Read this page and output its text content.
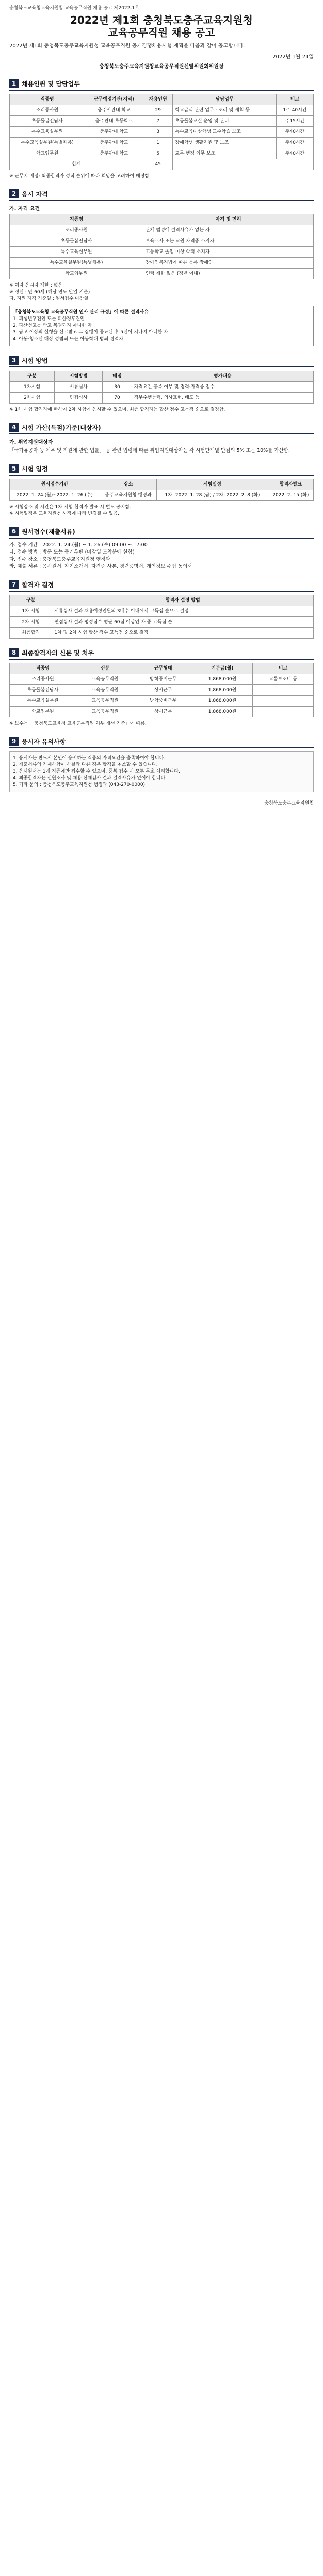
충청북도교육청교육지원청 교육공무직원 채용 공고 제2022-1호
2022년 제1회 충청북도충주교육지원청
교육공무직원 채용 공고
2022년 제1회 충청북도충주교육지원청 교육공무직원 공개경쟁채용시험 계획을 다음과 같이 공고합니다.
2022년 1월 21일
충청북도충주교육지원청교육공무직원선발위원회위원장
1 채용인원 및 담당업무
직종명	근무예정기관(지역)	채용인원	담당업무	비고
조리종사원	충주시관내 학교	29	학교급식 관련 업무 · 조리 및 세척 등	1주 40시간
초등돌봄전담사	충주관내 초등학교	7	초등돌봄교실 운영 및 관리	주15시간
특수교육실무원	충주관내 학교	3	특수교육대상학생 교수학습 보조	주40시간
특수교육실무원(특별채용)	충주관내 학교	1	장애학생 생활지원 및 보조	주40시간
학교업무원	충주관내 학교	5	교무·행정 업무 보조	주40시간
합계		45		
※ 근무지 배정: 최종합격자 성적 순위에 따라 희망을 고려하여 배정함.
2 응시 자격
가. 자격 요건
직종명	자격 및 면허
조리종사원	관계 법령에 결격사유가 없는 자
초등돌봄전담사	보육교사 또는 교원 자격증 소지자
특수교육실무원	고등학교 졸업 이상 학력 소지자
특수교육실무원(특별채용)	장애인복지법에 따른 등록 장애인
학교업무원	연령 제한 없음 (정년 이내)
※ 여자 응시자 제한 : 없음
※ 정년 : 만 60세 (해당 연도 말일 기준)
다. 지원 자격 기준일 : 원서접수 마감일
「충청북도교육청 교육공무직원 인사 관리 규정」에 따른 결격사유
1. 피성년후견인 또는 피한정후견인
2. 파산선고를 받고 복권되지 아니한 자
3. 금고 이상의 실형을 선고받고 그 집행이 종료된 후 5년이 지나지 아니한 자
4. 아동·청소년 대상 성범죄 또는 아동학대 범죄 경력자
3 시험 방법
구분	시험방법	배점	평가내용
1차시험	서류심사	30	자격요건 충족 여부 및 경력·자격증 점수
2차시험	면접심사	70	직무수행능력, 의사표현, 태도 등
※ 1차 시험 합격자에 한하여 2차 시험에 응시할 수 있으며, 최종 합격자는 합산 점수 고득점 순으로 결정함.
4 시험 가산(특점)기준(대상자)
가. 취업지원대상자
「국가유공자 등 예우 및 지원에 관한 법률」 등 관련 법령에 따른 취업지원대상자는 각 시험단계별 만점의 5% 또는 10%를 가산함.
5 시험 일정
원서접수기간	장소	시험일정	합격자발표
2022. 1. 24.(월)~2022. 1. 26.(수)	충주교육지원청 행정과	1차: 2022. 1. 28.(금) / 2차: 2022. 2. 8.(화)	2022. 2. 15.(화)
※ 시험장소 및 시간은 1차 시험 합격자 발표 시 별도 공지함.
※ 시험일정은 교육지원청 사정에 따라 변경될 수 있음.
6 원서접수(제출서류)
가. 접수 기간 : 2022. 1. 24.(월) ~ 1. 26.(수) 09:00 ~ 17:00
나. 접수 방법 : 방문 또는 등기우편 (마감일 도착분에 한함)
다. 접수 장소 : 충청북도충주교육지원청 행정과
라. 제출 서류 : 응시원서, 자기소개서, 자격증 사본, 경력증명서, 개인정보 수집 동의서
7 합격자 결정
구분	합격자 결정 방법
1차 시험	서류심사 결과 채용예정인원의 3배수 이내에서 고득점 순으로 결정
2차 시험	면접심사 결과 평정점수 평균 60점 이상인 자 중 고득점 순
최종합격	1차 및 2차 시험 합산 점수 고득점 순으로 결정
8 최종합격자의 신분 및 처우
직종명	신분	근무형태	기본급(월)	비고
조리종사원	교육공무직원	방학중비근무	1,868,000원	교통보조비 등
초등돌봄전담사	교육공무직원	상시근무	1,868,000원	
특수교육실무원	교육공무직원	방학중비근무	1,868,000원	
학교업무원	교육공무직원	상시근무	1,868,000원	
※ 보수는 「충청북도교육청 교육공무직원 처우 개선 기준」에 따름.
9 응시자 유의사항
1. 응시자는 반드시 본인이 응시하는 직종의 자격요건을 충족하여야 합니다.
2. 제출서류의 기재사항이 사실과 다른 경우 합격을 취소할 수 있습니다.
3. 응시원서는 1개 직종에만 접수할 수 있으며, 중복 접수 시 모두 무효 처리합니다.
4. 최종합격자는 신원조사 및 채용 신체검사 결과 결격사유가 없어야 합니다.
5. 기타 문의 : 충청북도충주교육지원청 행정과 (043-270-0000)
충청북도충주교육지원청
